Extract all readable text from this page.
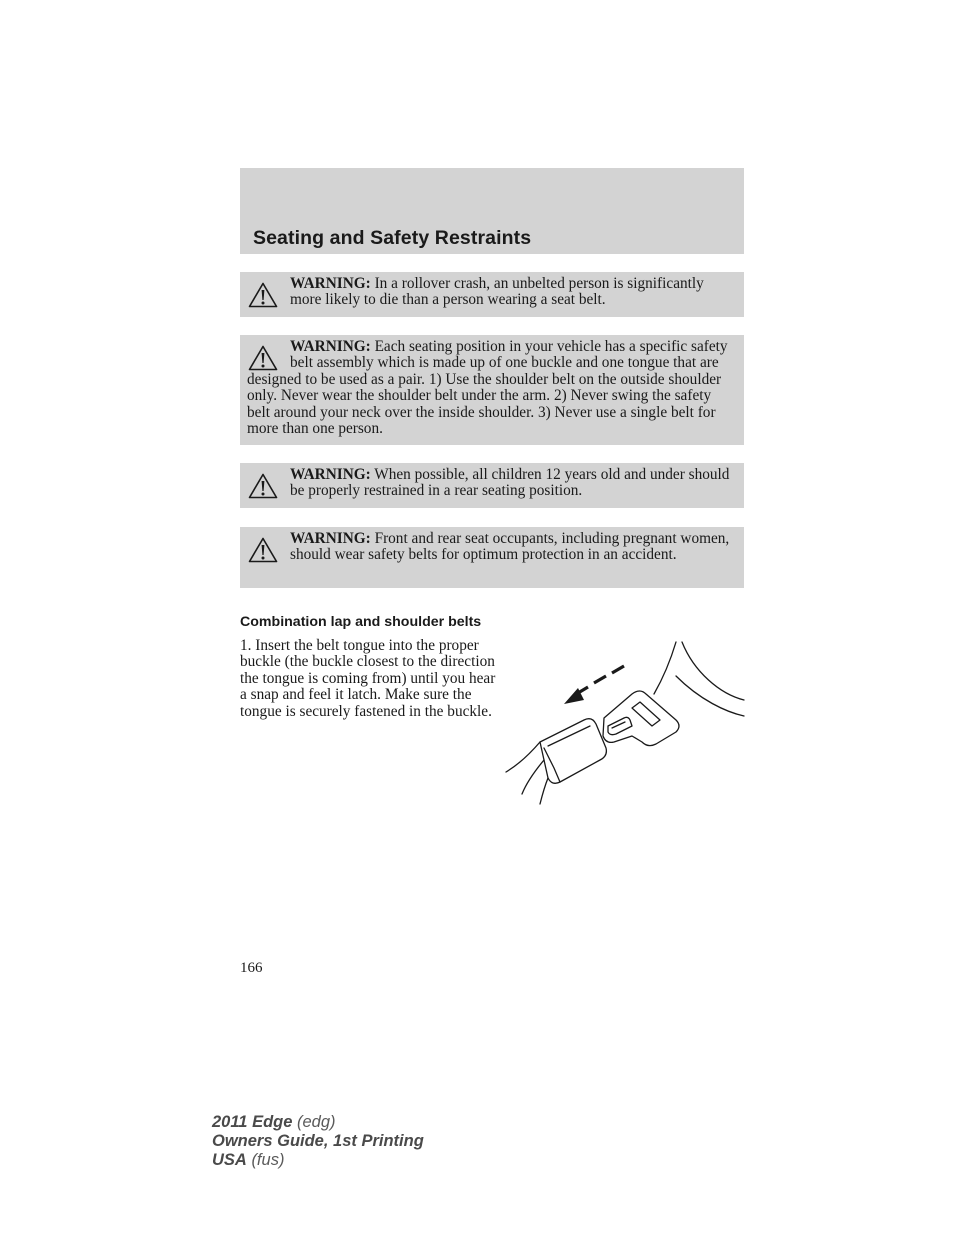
Seating and Safety Restraints
WARNING: In a rollover crash, an unbelted person is significantly more likely to die than a person wearing a seat belt.
WARNING: Each seating position in your vehicle has a specific safety belt assembly which is made up of one buckle and one tongue that are designed to be used as a pair. 1) Use the shoulder belt on the outside shoulder only. Never wear the shoulder belt under the arm. 2) Never swing the safety belt around your neck over the inside shoulder. 3) Never use a single belt for more than one person.
WARNING: When possible, all children 12 years old and under should be properly restrained in a rear seating position.
WARNING: Front and rear seat occupants, including pregnant women, should wear safety belts for optimum protection in an accident.
Combination lap and shoulder belts

1. Insert the belt tongue into the proper buckle (the buckle closest to the direction the tongue is coming from) until you hear a snap and feel it latch. Make sure the tongue is securely fastened in the buckle.

166
2011 Edge (edg)
Owners Guide, 1st Printing
USA (fus)
